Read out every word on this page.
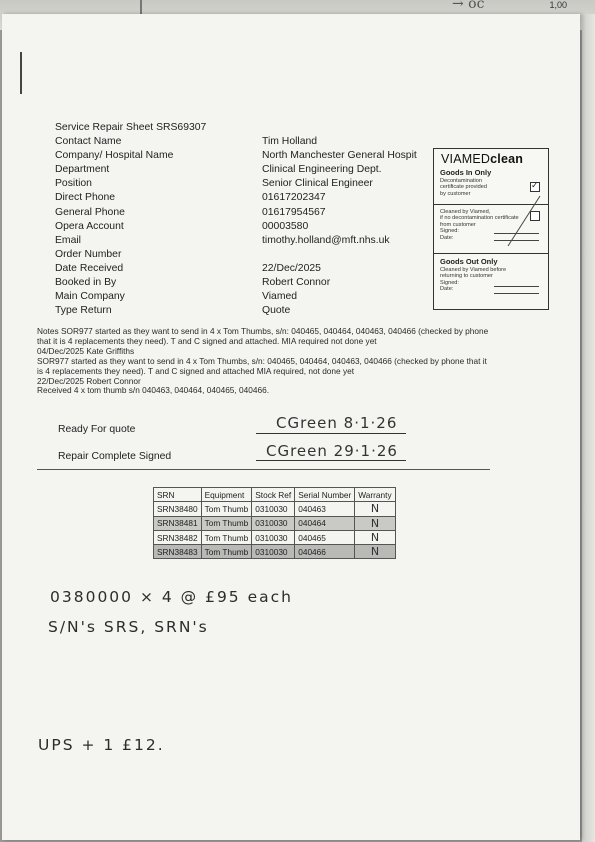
1,00
→ oc
Service Repair Sheet SRS69307
Contact Name	Tim Holland
Company/ Hospital Name	North Manchester General Hospit
Department	Clinical Engineering Dept.
Position	Senior Clinical Engineer
Direct Phone	01617202347
General Phone	01617954567
Opera Account	00003580
Email	timothy.holland@mft.nhs.uk
Order Number
Date Received	22/Dec/2025
Booked in By	Robert Connor
Main Company	Viamed
Type Return	Quote
VIAMEDclean
Goods In Only
Decontamination
certificate provided
by customer
✓
Cleaned by Viamed,
if no decontamination certificate
from customer
Signed:
Date:
Goods Out Only
Cleaned by Viamed before
returning to customer
Signed:
Date:
Notes SOR977 started as they want to send in 4 x Tom Thumbs, s/n: 040465, 040464, 040463, 040466 (checked by phone
that it is 4 replacements they need). T and C signed and attached. MIA required not done yet
04/Dec/2025 Kate Griffiths
SOR977 started as they want to send in 4 x Tom Thumbs, s/n: 040465, 040464, 040463, 040466 (checked by phone that it
is 4 replacements they need). T and C signed and attached MIA required, not done yet
22/Dec/2025 Robert Connor
Received 4 x tom thumb s/n 040463, 040464, 040465, 040466.
Ready For quote	CGreen 8·1·26
Repair Complete Signed	CGreen 29·1·26
SRN	Equipment	Stock Ref	Serial Number	Warranty
SRN38480	Tom Thumb	0310030	040463	N
SRN38481	Tom Thumb	0310030	040464	N
SRN38482	Tom Thumb	0310030	040465	N
SRN38483	Tom Thumb	0310030	040466	N
0380000 × 4 @ £95 each
S/N's SRS, SRN's
UPS + 1 £12.
